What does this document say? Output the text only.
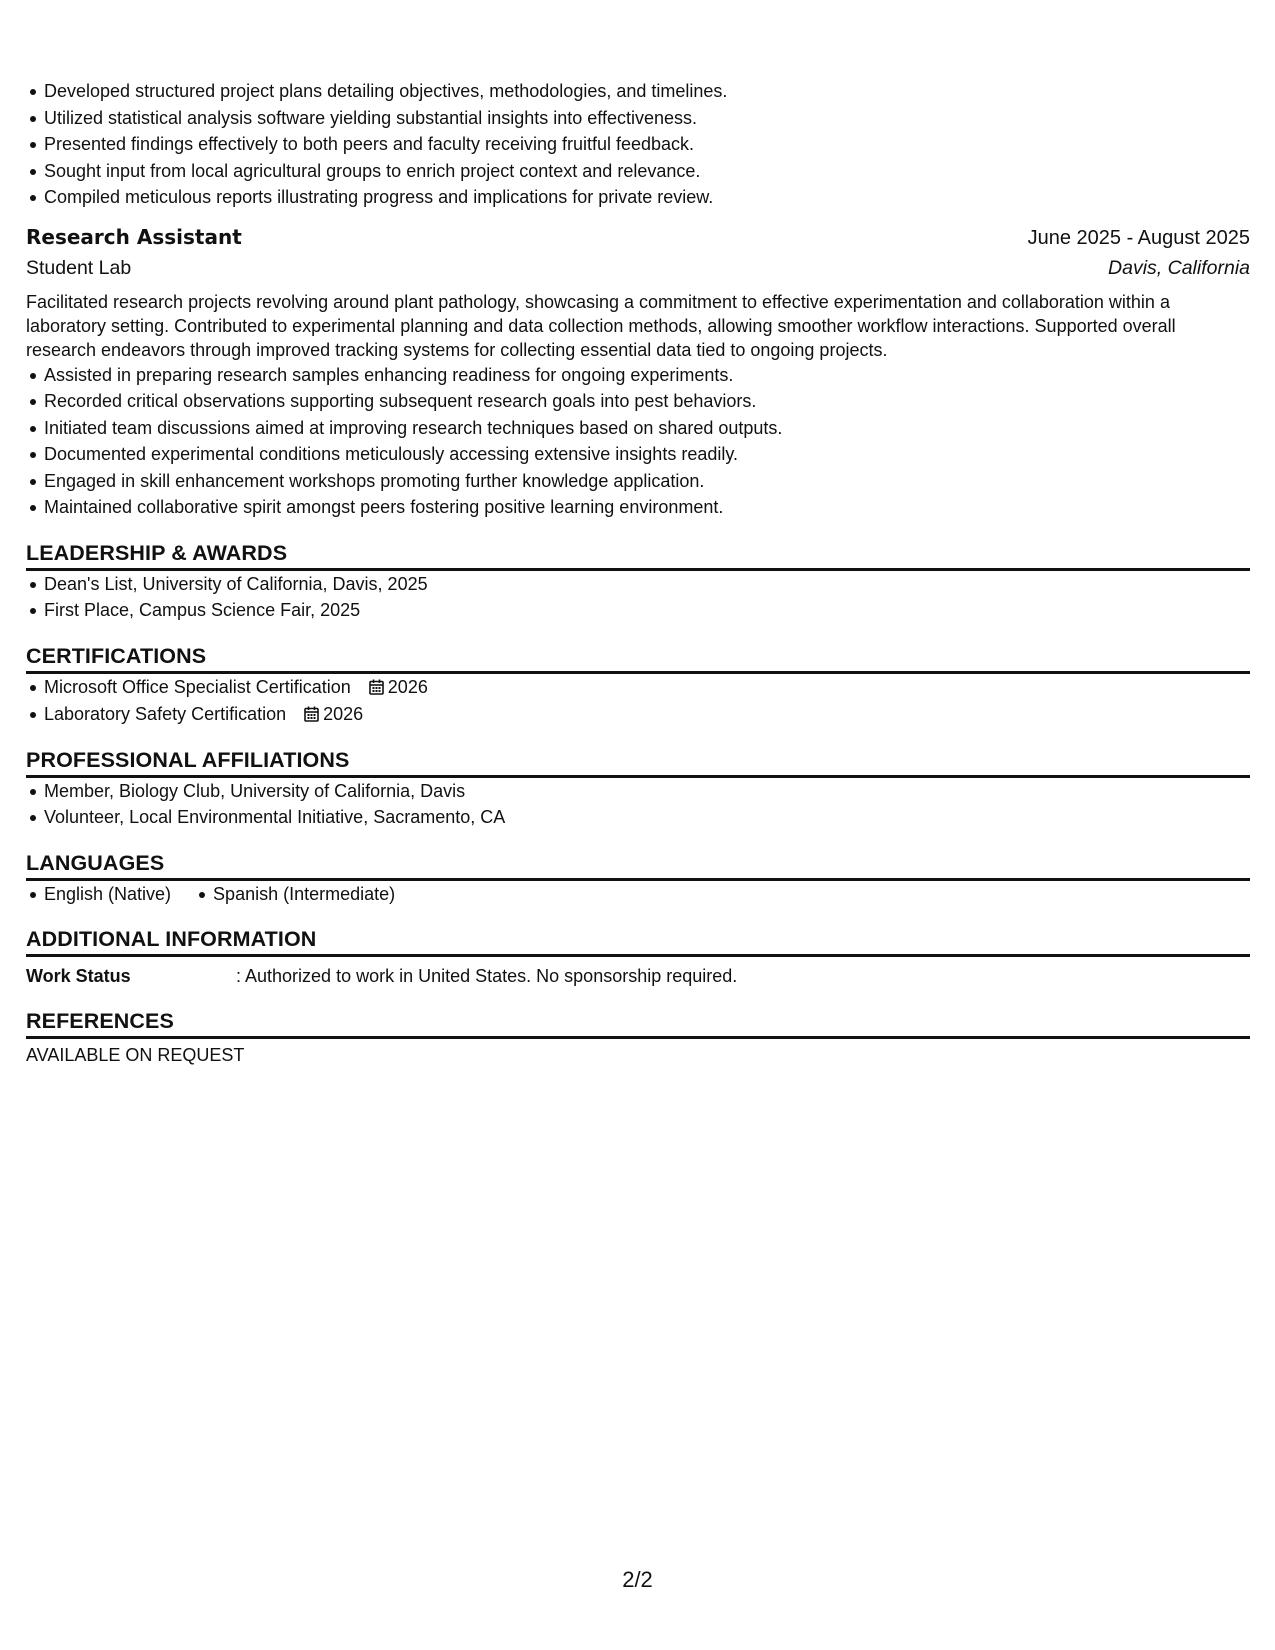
Developed structured project plans detailing objectives, methodologies, and timelines.
Utilized statistical analysis software yielding substantial insights into effectiveness.
Presented findings effectively to both peers and faculty receiving fruitful feedback.
Sought input from local agricultural groups to enrich project context and relevance.
Compiled meticulous reports illustrating progress and implications for private review.
Research Assistant	June 2025 - August 2025
Student Lab	Davis, California
Facilitated research projects revolving around plant pathology, showcasing a commitment to effective experimentation and collaboration within a laboratory setting. Contributed to experimental planning and data collection methods, allowing smoother workflow interactions. Supported overall research endeavors through improved tracking systems for collecting essential data tied to ongoing projects.
Assisted in preparing research samples enhancing readiness for ongoing experiments.
Recorded critical observations supporting subsequent research goals into pest behaviors.
Initiated team discussions aimed at improving research techniques based on shared outputs.
Documented experimental conditions meticulously accessing extensive insights readily.
Engaged in skill enhancement workshops promoting further knowledge application.
Maintained collaborative spirit amongst peers fostering positive learning environment.
LEADERSHIP & AWARDS
Dean's List, University of California, Davis, 2025
First Place, Campus Science Fair, 2025
CERTIFICATIONS
Microsoft Office Specialist Certification 2026
Laboratory Safety Certification 2026
PROFESSIONAL AFFILIATIONS
Member, Biology Club, University of California, Davis
Volunteer, Local Environmental Initiative, Sacramento, CA
LANGUAGES
English (Native)	Spanish (Intermediate)
ADDITIONAL INFORMATION
Work Status	: Authorized to work in United States. No sponsorship required.
REFERENCES
AVAILABLE ON REQUEST
2/2
